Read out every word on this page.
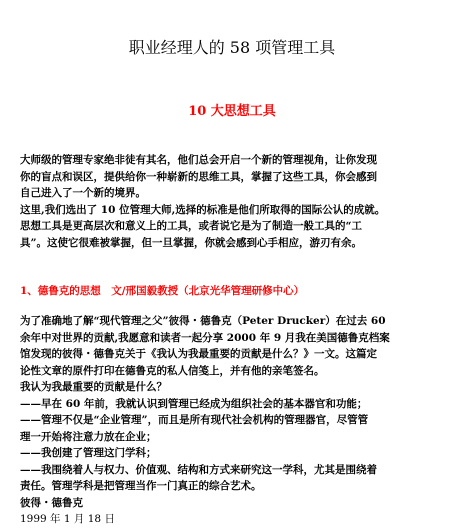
职业经理人的 58 项管理工具
10 大思想工具

大师级的管理专家绝非徒有其名，他们总会开启一个新的管理视角，让你发现

你的盲点和误区，提供给你一种崭新的思维工具，掌握了这些工具，你会感到

自己进入了一个新的境界。

这里,我们选出了 10 位管理大师,选择的标准是他们所取得的国际公认的成就。

思想工具是更高层次和意义上的工具，或者说它是为了制造一般工具的“工

具”。这使它很难被掌握，但一旦掌握，你就会感到心手相应，游刃有余。

1、德鲁克的思想　文/邢国毅教授（北京光华管理研修中心）

为了准确地了解“现代管理之父”彼得・德鲁克（Peter Drucker）在过去 60

余年中对世界的贡献,我愿意和读者一起分享 2000 年 9 月我在美国德鲁克档案

馆发现的彼得・德鲁克关于《我认为我最重要的贡献是什么？》一文。这篇定

论性文章的原件打印在德鲁克的私人信笺上，并有他的亲笔签名。

我认为我最重要的贡献是什么？

——早在 60 年前，我就认识到管理已经成为组织社会的基本器官和功能；

——管理不仅是“企业管理”，而且是所有现代社会机构的管理器官，尽管管

理一开始将注意力放在企业；

——我创建了管理这门学科；

——我围绕着人与权力、价值观、结构和方式来研究这一学科，尤其是围绕着

责任。管理学科是把管理当作一门真正的综合艺术。

彼得・德鲁克

1999 年 1 月 18 日
